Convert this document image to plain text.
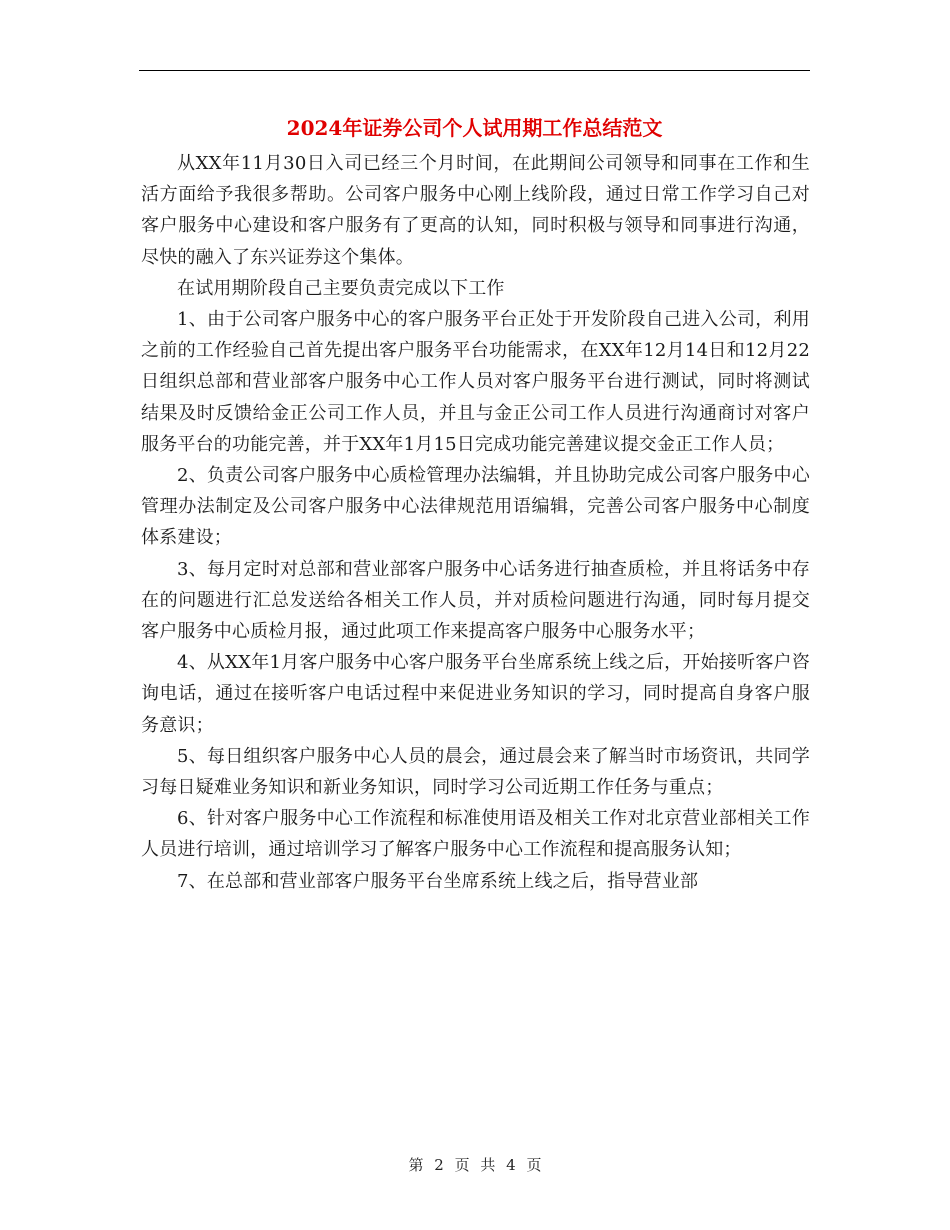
2024年证券公司个人试用期工作总结范文

从XX年11月30日入司已经三个月时间，在此期间公司领导和同事在工作和生活方面给予我很多帮助。公司客户服务中心刚上线阶段，通过日常工作学习自己对客户服务中心建设和客户服务有了更高的认知，同时积极与领导和同事进行沟通，尽快的融入了东兴证券这个集体。

在试用期阶段自己主要负责完成以下工作

1、由于公司客户服务中心的客户服务平台正处于开发阶段自己进入公司，利用之前的工作经验自己首先提出客户服务平台功能需求，在XX年12月14日和12月22日组织总部和营业部客户服务中心工作人员对客户服务平台进行测试，同时将测试结果及时反馈给金正公司工作人员，并且与金正公司工作人员进行沟通商讨对客户服务平台的功能完善，并于XX年1月15日完成功能完善建议提交金正工作人员；

2、负责公司客户服务中心质检管理办法编辑，并且协助完成公司客户服务中心管理办法制定及公司客户服务中心法律规范用语编辑，完善公司客户服务中心制度体系建设；

3、每月定时对总部和营业部客户服务中心话务进行抽查质检，并且将话务中存在的问题进行汇总发送给各相关工作人员，并对质检问题进行沟通，同时每月提交客户服务中心质检月报，通过此项工作来提高客户服务中心服务水平；

4、从XX年1月客户服务中心客户服务平台坐席系统上线之后，开始接听客户咨询电话，通过在接听客户电话过程中来促进业务知识的学习，同时提高自身客户服务意识；

5、每日组织客户服务中心人员的晨会，通过晨会来了解当时市场资讯，共同学习每日疑难业务知识和新业务知识，同时学习公司近期工作任务与重点；

6、针对客户服务中心工作流程和标准使用语及相关工作对北京营业部相关工作人员进行培训，通过培训学习了解客户服务中心工作流程和提高服务认知；

7、在总部和营业部客户服务平台坐席系统上线之后，指导营业部

第 2 页 共 4 页
